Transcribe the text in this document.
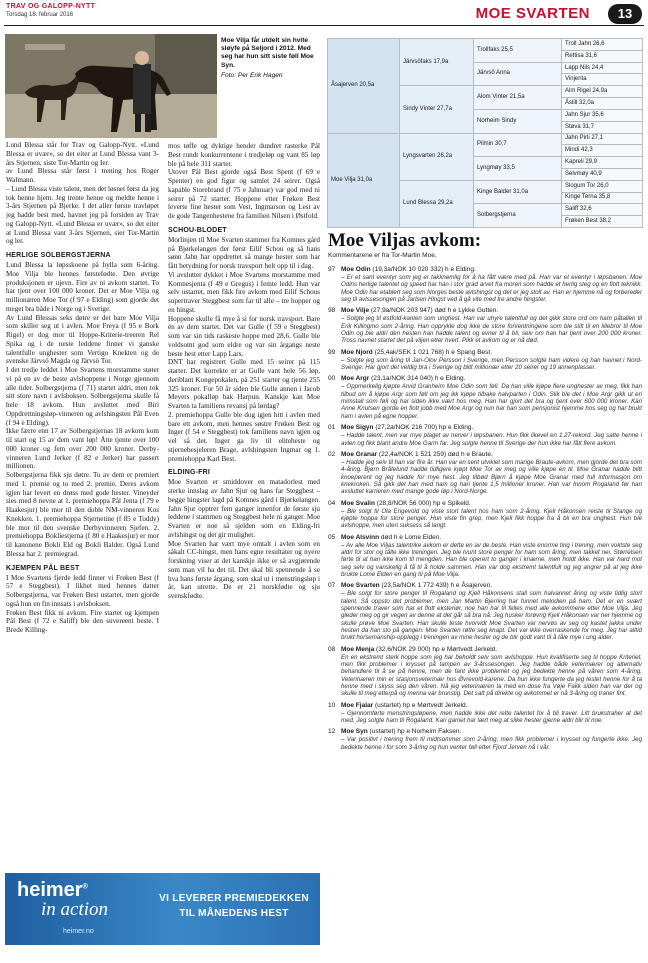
TRAV OG GALOPP-NYTT
Torsdag 18. februar 2016	MOE SVARTEN	13
Moe Vilja får utdelt sin hvite sløyfe på Seljord i 2012. Med seg har hun sitt siste føll Moe Syn.
Foto: Per Erik Hagen

Lund Blessa står for Trav og Galopp-Nytt. «Lund Blessa er uvær», so det eiter at Lund Blessa vant 3-års Stjernen, siste Tor-Martin og Ier.

av Lund Blessa står først i trening hos Roger Walmann.

– Lund Blessa viste talent, men det løsnet først da jeg tok henne hjem. Jeg trente henne og meldte henne i 3-års Stjernen på Bjerke. I det aller første travløpet jeg hadde best med, havnet jeg på forsiden av Trav og Galopp-Nytt. «Lund Blessa er uvær», so det eiter at Lund Blessa vant 3-års Stjernen, sier Tor-Martin og ler.

HERLIGE SOLBERGSTJERNA

Lund Blessa la løpsskoene på hylla som 6-åring. Moe Vilja ble hennes førstefødte. Den øvrige produksjonen er ujevn. Fire av ni avkom startet. To har tjent over 100 000 kroner. Det er Moe Vilja og millionæren Moe Tor (f 97 e Elding) som gjorde det meget bra både i Norge og i Sverige.

Av Lund Blessas seks døtre er det bare Moe Vilja som skiller seg ut i avlen. Moe Freya (f 95 e Bork Rigel) er dog mor til Hoppe-Kriterie-treeren Rel Spika og i de neste leddene finner vi ganske talentfulle unghester som Vertigo Knekten og de svenske Järvsö Magda og Järvsö Tor.

I det tredje leddet i Moe Svartens morstamme støter vi på en av de beste avlshoppene i Norge gjennom alle tider. Solbergstjerna (f 71) startet aldri, men tok sitt store navn i avlsboksen. Solbergstjerna skulle få hele 18 avkom. Hun avsluttet med Biri Oppdrettningsløp-vinneren og avlshingsten Pål Even (f 94 e Elding).

Ikke færre enn 17 av Solbergstjernas 18 avkom kom til start og 15 av dem vant løp! Åtte tjente over 100 000 kroner og fem over 200 000 kroner. Derby-vinneren Lund Jerker (f 82 e Jerker) har passert millionen.

Solbergstjerna fikk sju døtre. To av dem er premiert med 1. premie og to med 2. premie. Deres avkom igjen har levert en drøss med gode hester. Vineyder sies med 8 nevne at 1. premiehoppa Pål Jenta (f 79 e Haakesjur) ble mor til den doble NM-vinneren Kos Knekken. 1. premiehoppa Stjernetine (f 85 e Toddy) ble mor til den svenske Derbyvinneren Sjefen. 2. premiehoppa Bokliestjerna (f 80 e Haakesjur) er mor til kanonene Bokli Eld og Bokli Balder. Også Lund Blessa har 2. premiegrad.

KJEMPEN PÅL BEST

I Moe Svartens fjerde ledd finner vi Frøken Best (f 57 e Steggbest). I likhet med hennes datter Solbergstjerna, var Frøken Best ustartet, men gjorde også hun en fin innsats i avlsboksen.

Frøken Best fikk ni avkom. Fire startet og kjempen Pål Best (f 72 e Saliff) ble den suvereent beste. I Brede Killing-

mos tøffe og dyktige hender dundret rasterke Pål Best rundt konkurrentene i tredjeløp og vant 85 løp ble på hele 311 starter.

Utover Pål Best gjorde også Best Spent (f 69 e Spenter) en god figur og samlet 24 seirer. Også kapable Storebrand (f 75 e Jahnuar) var god med ni seirer på 72 starter. Hoppene etter Frøken Best leverte fine hester som Vest, Ingmarson og Lest av de gode Tangenhestene fra familien Nilsen i Østfold.

SCHOU-BLODET

Morlinjen til Moe Svarten stammer fra Komnes gård på Bjørkelangen der først Eilif Schou og så hans sønn Jahn har oppdrettet så mange hester som har fått betydning for norsk travsport helt opp til i dag.

Vi avslutter dykket i Moe Svartens morstamme med Komnesjenta (f 49 e Gregus) i femte ledd. Hun var selv ustartet, men fikk fire avkom med Eilif Schous supertraver Steggbest som far til alle – tre hopper og en hingst.

Hoppene skulle få mye å si for norsk travsport. Bare én av dem startet. Det var Gulle (f 59 e Steggbest) som var sin tids raskeste hoppe med 28,6. Gulle ble voldsomt god som eldre og var sin årgangs neste beste hest etter Lapp Lars.

DNT har registrert Gulle med 15 seirer på 115 starter. Det korrekte er at Gulle vant hele 56 løp, deriblant Kongepokalen, på 251 starter og tjente 255 325 kroner. For 50 år siden ble Gulle annen i Jacob Meyers pokalløp bak Harpun. Kanskje kan Moe Svarten ta familiens revansj på lørdag?

2. premiehoppa Gulle ble dog igjen hitt i avlen med bare ett avkom, men hennes søstre Frøken Best og Inger (f 54 e Steggbest) tok familiens navn igjen og vel så det. Inger ga liv til eliteheste og stjernebesjeleren Brage, avlshingsten Ingmar og 1. premiehoppa Karl Best.

ELDING-FRI

Moe Svarten er smiddover en matadorlest med sterke innslag av Jahn Sjur og hans far Steggbest – begge hingster lagd på Komnes gård i Bjørkelangen. Jahn Sjur opptrer fem ganger innenfor de første sju leddene i stammen og Steggbest hele ni ganger. Moe Svarten er noe så sjelden som en Elding-fri avlshingst og det gir mulighet.

Moe Svarten har vært mye omtalt i avlen som en såkalt CC-hingst, men hans egne resultater og nyere forskning viser at det kanskje ikke er så avgjørende som man vil ha det til. Det skal bli spennende å se hva hans første årgang, som skal ut i menstringsløp i år, kan utrette. De er 21 norskfødte og sju svenskfødte.

Åsajerven 20,5a	Järvsöfaks 17,9a	Trollfaks 25,5	Troll Jahn 26,6
			Rettisa 31,6
		Järvsö Anna	Lapp Nils 24,4
			Vinjenta
	Sindy Vinter 27,7a	Alom Vinter 21,5a	Alm Rigel 24,9a
			Åslill 32,0a
		Norheim Sindy	Jahn Sjur 35,6
			Støva 31,7
Moe Vilja 31,0a	Lyngsvarten 26,2a	Pilmin 30,7	Jahn Pirli 27,1
			Mindi 42,3
		Lyngmøy 33,5	Kapreli 29,9
			Selvmøy 40,9
	Lund Blessa 29,2a	Kinge Balder 31,0a	Slogum Tor 26,0
			Kinge Terna 35,8
		Solbergstjerna	Saliff 32,6
			Frøken Best 38,2
Moe Viljas avkom:
Kommentarene er fra Tor-Martin Moe.
97 Moe Odin (19,3a/NOK 10 020 332) h e Elding.
– Er et sant eventyr som jeg er takknemlig for å ha fått være med på. Han var et eventyr i løpsbanen. Moe Odins herlige talentet og speed har han i stor grad arvet fra moren som hadde et herlig steg og en flott teknikk. Moe Odin har etablert seg som Norges beste avlshingst og det er jeg stolt av. Han er hjemme nå og forbereder seg til avlssesongen på Jarlsen Hingst ved å gå vite med tre andre hingster.
98 Moe Vilje (27,9a/NOK 203 947) død h e Lykke Gutten.
– Solgte jeg til østfold-kanten som unghest. Han var uhyre talentfull og det gikk store ord om ham påtallen til Erik Killingmo som 2-åring. Han opprykte dog ikke de store forventningene som ble stilt til en lillebror til Moe Odin og ble aldri den hesten han hadde talent og evner til å bli, selv om han har tjent over 200 000 kroner. Tross navnet startet det på viljen etter hvert. Pikk et avkom og er nå død.
99 Moe Njord (25,4ak/SEK 1 021 768) h e Spang Best.
– Solgte jeg som åring til Jan-Olov Persson i Sverige, men Persson solgte ham videre og han havnet i Nord-Sverige. Har gjort det veldig bra i Sverige og blitt millionær etter 20 seirer og 19 annenplasser.
00 Moe Argr (23,1a/NOK 314 040) h e Elding.
– Oppmerkelig kjøpte Arvid Granheim Moe Odin som føll. Da han ville kjøpe flere unghester av meg, fikk han tilbud om å kjøpe Argr som føll om jeg ikk kjøpe tilbake halvparten i Odin. Slik ble det i Moe Argr gikk ut en mimstall som føll og har siden ikke vært hos meg. Han har gjort det bra og tjent over 600 000 kroner. Kari Anne Knutsen gjorde en flott jobb med Moe Argr og nun har han som pensjonist hjemme hos seg og har brukt ham i avlen på egne hopper.
01 Moe Sigyn (27,2a/NOK 216 700) hp e Elding.
– Hadde talent, men var mye plaget av nerver i løpsbanen. Hun fikk likevel en 1.27-rekord. Jeg satte henne i avlen og fikk blant andre Moe Garm far. Jeg solgte henne til Sverige der hun ikke har fått flere avkom.
02 Moe Granar (22,4a/NOK 1 521 259) død h e Braute.
– Hadde jeg selv til han var fire år. Han var en sent utviklet som mange Braute-avkom, men gjorde det bra som 4-åring. Bjørn Bråtelund hadde tidligere kjøpt Moe Tor av meg og ville kjøpe én til. Moe Granar hadde blitt knoeperent og jeg hadde for mye hest. Jeg tilbød Bjørn å kjøpe Moe Granar med full informasjon om knekroken. Så gikk det han med ham og han tjente 1,5 millioner kroner. Han var Innom Rogaland før han avsluttet karrieren med mange gode løp i Nord-Norge.
04 Moe Svalin (28,8/NOK 56 000) hp e Spikeld.
– Ble solgt til Ola Engevold og viste stort talent hos ham som 2-åring. Kjell Håkonsen reiste til Stange og kjøpte hoppa for store penger. Hun viste fin grep, men Kjell fikk hoppe fra å bli en bra unghest. Hun ble avlshoppe, men uten suksess så langt.
05 Moe Alsvinn død h e Lome Elden.
– Av alle Moe Viljas talentrike avkom er dette en av de beste. Han viste enorme ting i trening, men voktste seg aldri for stor og tålte ikke treningen. Jeg ble tvunt store penger for ham som åring, men takket nei. Størrelsen førte til at han ikke kom til mengden. Han ble operert to ganger i knærne, men holdt ikke. Han var hard mot seg selv og vanskelig å få til å holde sammen. Han var dog ekstremt talentfull og jeg angrer på at jeg ikke brukte Lome Elden en gang til på Moe Vilja.
07 Moe Svarten (23,5a/NOK 1 772 439) h e Åsajerven.
– Ble solgt for store penger til Rogaland og Kjell Håkonsens stall som halvannet åring og viste tidlig stort talent. Så oppsto det problemer, men Jan Martin Bjerring har funnet melodien på ham. Det er en svært spennende traver som har et flott eksteriør, noe han har til felles med alle avkommene etter Moe Vilja. Jeg gleder meg og gir vegen av denne at det går så bra nå. Jeg husker forøvrig Kjell Håkonsen var her hjemme og skulle prøve Moe Svarten. Han skulle teste hvorvidt Moe Svarten var nervøs av seg og kastet jakka under hesten da han sto på gangen. Moe Svarten røtte seg knapt. Det var ikke overraskende for meg. Jeg har alltid brukt horsemanship-opplegg i treningen av mine hester og de blir godt vant til å tåle mye i ung alder.
08 Moe Menja (32,6/NOK 29 000) hp e Mørtvedt Jerkeld.
En en ekstremt sterk hoppe som jeg har beholdt selv som avlshoppe. Hun kvalifiserte seg til hoppe Kriteriet, men fikk problemer i krysset på tampen av 3-årssesongen. Jeg hadde både veterinærer og alternativ behandlere til å se på henne, men de fant ikke problemet og jeg bedekte henne på våren som 4-åring. Veterinæren min er stasjonsveterinær hos Øvrevold-karene. Da hun ikke fungerte da jeg testet henne for å ta henne med i skyss seg den våren. Nå jeg veterinæren ta med en dose fra Vøje Fakk siden han var der og skulle til meg etterpå og menna var brunstig. Det satt på direkte og avkommet er nå 3-åring og traner fint.
10 Moe Fjalar (ustartet) hp e Mørtvedt Jerkeld.
– Gjennomførte menstringsløpene, men hadde ikke det rette talentet for å bli traver. Litt brukstraher at det med. Jeg solgte ham til Rogaland. Kari gamet har lært meg at slike hester gjerne aldri blir til noe.
12 Moe Syn (ustartet) hp e Norheim Faksen.
– Var positivt i trening frem til midtsommer som 2-åring, men fikk problemer i krysset og fungerte ikke. Jeg bedekte henne i for som 3-åring og hun venter føll etter Fjord Jerven nå i vår.
heimer®
in action
heimer.no
VI LEVERER PREMIEDEKKEN
TIL MÅNEDENS HEST
